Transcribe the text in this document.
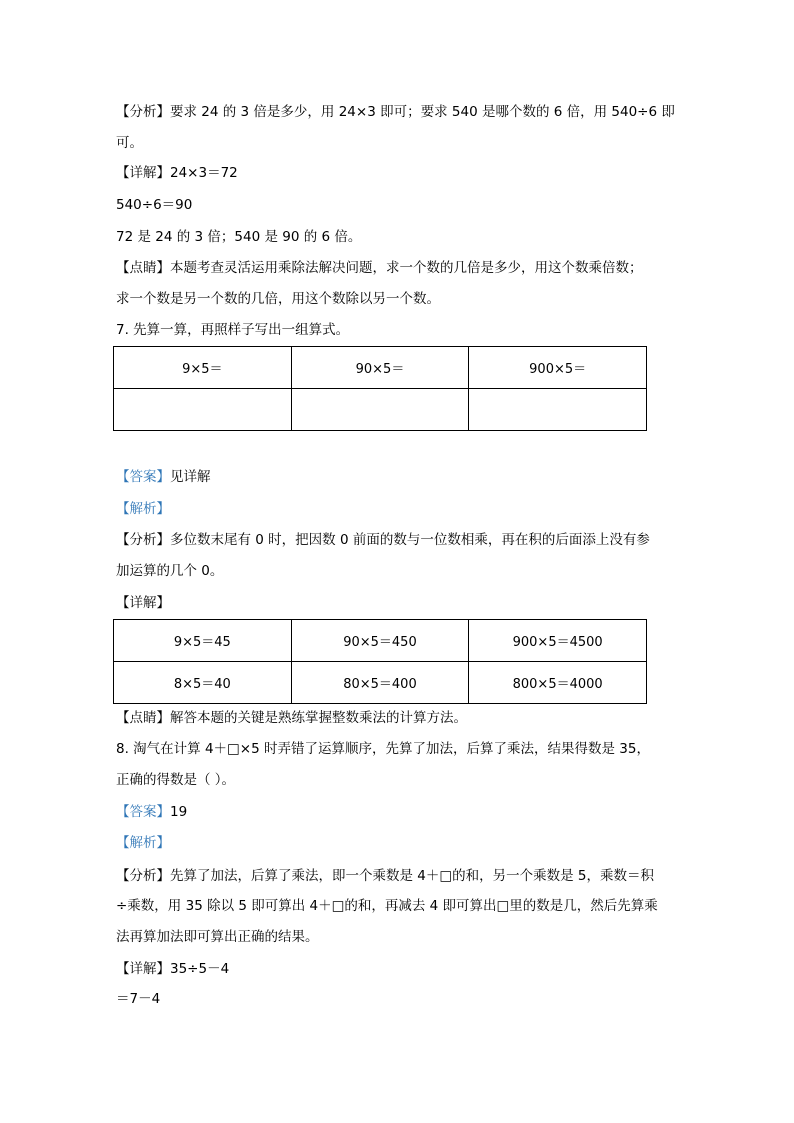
【分析】要求 24 的 3 倍是多少，用 24×3 即可；要求 540 是哪个数的 6 倍，用 540÷6 即
可。
【详解】24×3＝72
540÷6＝90
72 是 24 的 3 倍；540 是 90 的 6 倍。
【点睛】本题考查灵活运用乘除法解决问题，求一个数的几倍是多少，用这个数乘倍数；
求一个数是另一个数的几倍，用这个数除以另一个数。
7. 先算一算，再照样子写出一组算式。
9×5＝	90×5＝	900×5＝

【答案】见详解
【解析】
【分析】多位数末尾有 0 时，把因数 0 前面的数与一位数相乘，再在积的后面添上没有参
加运算的几个 0。
【详解】
9×5＝45	90×5＝450	900×5＝4500
8×5＝40	80×5＝400	800×5＝4000
【点睛】解答本题的关键是熟练掌握整数乘法的计算方法。
8. 淘气在计算 4＋□×5 时弄错了运算顺序，先算了加法，后算了乘法，结果得数是 35，
正确的得数是（ ）。
【答案】19
【解析】
【分析】先算了加法，后算了乘法，即一个乘数是 4＋□的和，另一个乘数是 5，乘数＝积
÷乘数，用 35 除以 5 即可算出 4＋□的和，再减去 4 即可算出□里的数是几，然后先算乘
法再算加法即可算出正确的结果。
【详解】35÷5－4
＝7－4
